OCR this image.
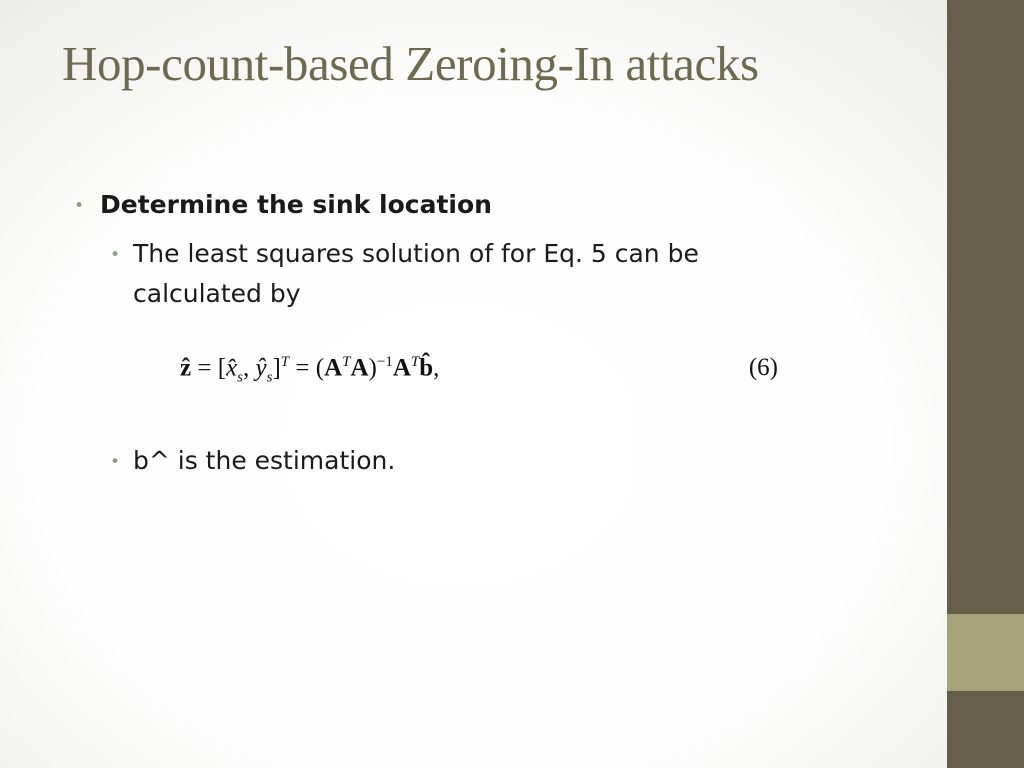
Hop-count-based Zeroing-In attacks
• Determine the sink location
• The least squares solution of for Eq. 5 can be calculated by
• b^ is the estimation.
ẑ = [$x̂_s$, $ŷ_s]^T$ = $(A^TA)^{-1}A^Tb̂$,	(6)
